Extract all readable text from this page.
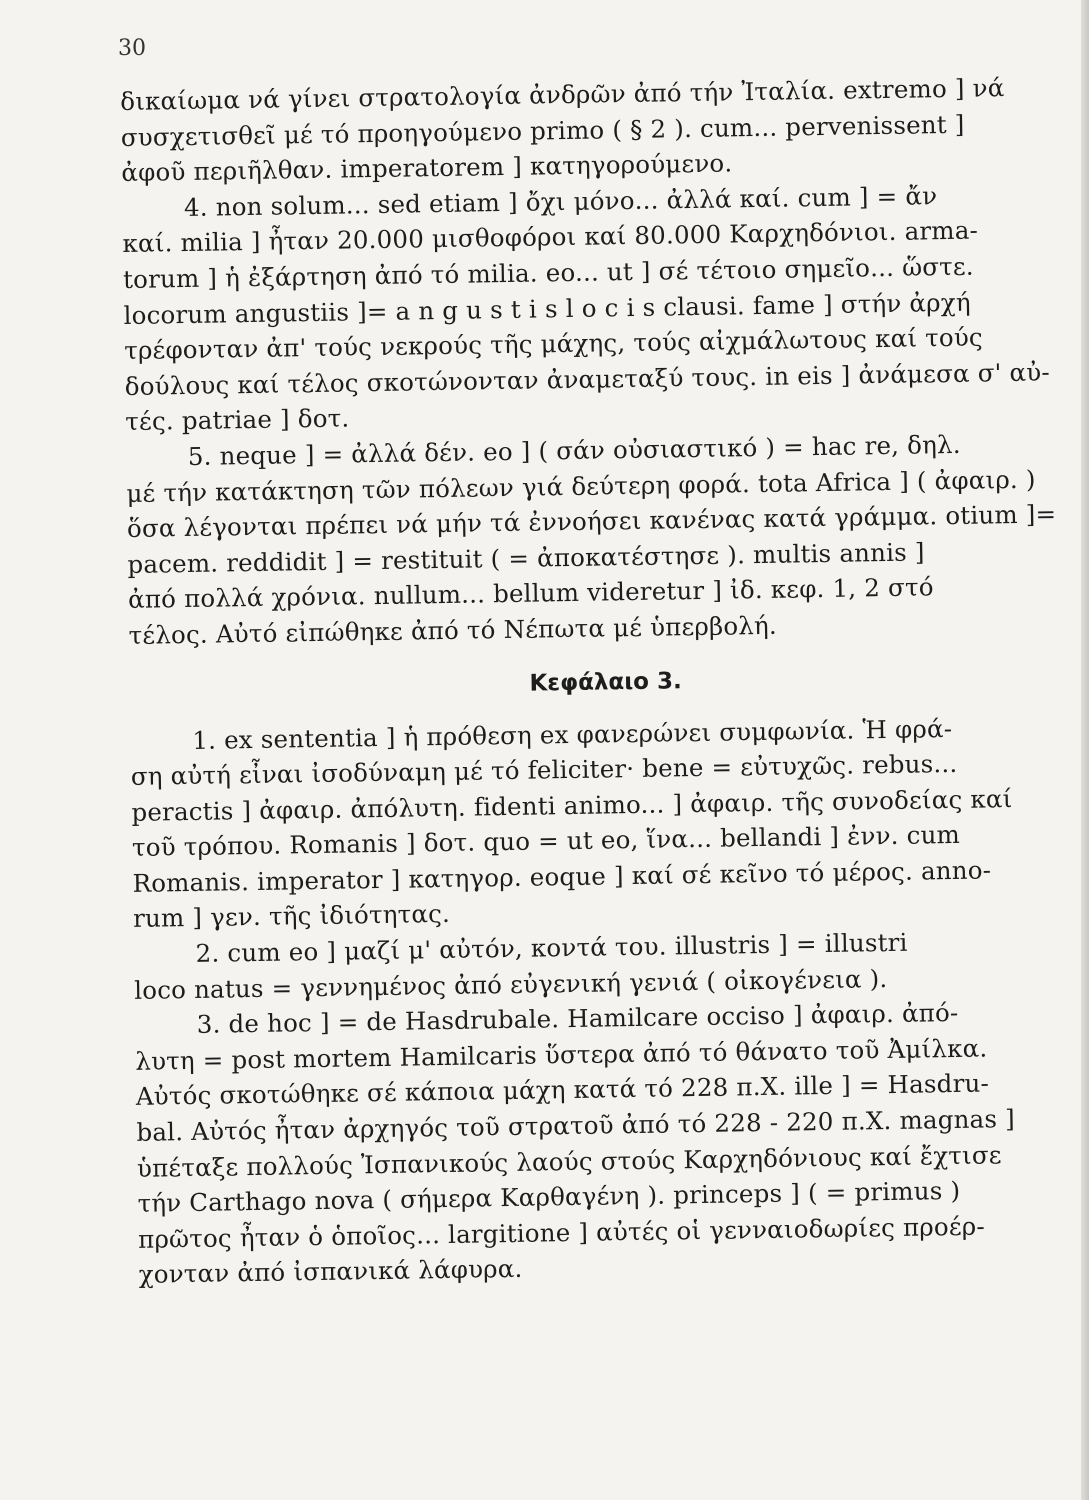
30

δικαίωμα νά γίνει στρατολογία ἀνδρῶν ἀπό τήν Ἰταλία. extremo ] νά

συσχετισθεῖ μέ τό προηγούμενο primo ( § 2 ). cum... pervenissent ]

ἀφοῦ περιῆλθαν. imperatorem ] κατηγορούμενο.

4. non solum... sed etiam ] ὄχι μόνο... ἀλλά καί. cum ] = ἄν

καί. milia ] ἦταν 20.000 μισθοφόροι καί 80.000 Καρχηδόνιοι. arma-

torum ] ἡ ἐξάρτηση ἀπό τό milia. eo... ut ] σέ τέτοιο σημεῖο... ὥστε.

locorum angustiis ]= a n g u s t i s l o c i s clausi. fame ] στήν ἀρχή

τρέφονταν ἀπ' τούς νεκρούς τῆς μάχης, τούς αἰχμάλωτους καί τούς

δούλους καί τέλος σκοτώνονταν ἀναμεταξύ τους. in eis ] ἀνάμεσα σ' αὐ-

τές. patriae ] δοτ.

5. neque ] = ἀλλά δέν. eo ] ( σάν οὐσιαστικό ) = hac re, δηλ.

μέ τήν κατάκτηση τῶν πόλεων γιά δεύτερη φορά. tota Africa ] ( ἀφαιρ. )

ὅσα λέγονται πρέπει νά μήν τά ἐννοήσει κανένας κατά γράμμα. otium ]=

pacem. reddidit ] = restituit ( = ἀποκατέστησε ). multis annis ]

ἀπό πολλά χρόνια. nullum... bellum videretur ] ἰδ. κεφ. 1, 2 στό

τέλος. Αὐτό εἰπώθηκε ἀπό τό Νέπωτα μέ ὑπερβολή.

Κεφάλαιο 3.

1. ex sententia ] ἡ πρόθεση ex φανερώνει συμφωνία. Ἡ φρά-

ση αὐτή εἶναι ἰσοδύναμη μέ τό feliciter· bene = εὐτυχῶς. rebus...

peractis ] ἀφαιρ. ἀπόλυτη. fidenti animo... ] ἀφαιρ. τῆς συνοδείας καί

τοῦ τρόπου. Romanis ] δοτ. quo = ut eo, ἵνα... bellandi ] ἐνν. cum

Romanis. imperator ] κατηγορ. eoque ] καί σέ κεῖνο τό μέρος. anno-

rum ] γεν. τῆς ἰδιότητας.

2. cum eo ] μαζί μ' αὐτόν, κοντά του. illustris ] = illustri

loco natus = γεννημένος ἀπό εὐγενική γενιά ( οἰκογένεια ).

3. de hoc ] = de Hasdrubale. Hamilcare occiso ] ἀφαιρ. ἀπό-

λυτη = post mortem Hamilcaris ὕστερα ἀπό τό θάνατο τοῦ Ἀμίλκα.

Αὐτός σκοτώθηκε σέ κάποια μάχη κατά τό 228 π.Χ. ille ] = Hasdru-

bal. Αὐτός ἦταν ἀρχηγός τοῦ στρατοῦ ἀπό τό 228 - 220 π.Χ. magnas ]

ὑπέταξε πολλούς Ἰσπανικούς λαούς στούς Καρχηδόνιους καί ἔχτισε

τήν Carthago nova ( σήμερα Καρθαγένη ). princeps ] ( = primus )

πρῶτος ἦταν ὁ ὁποῖος... largitione ] αὐτές οἱ γενναιοδωρίες προέρ-

χονταν ἀπό ἰσπανικά λάφυρα.
